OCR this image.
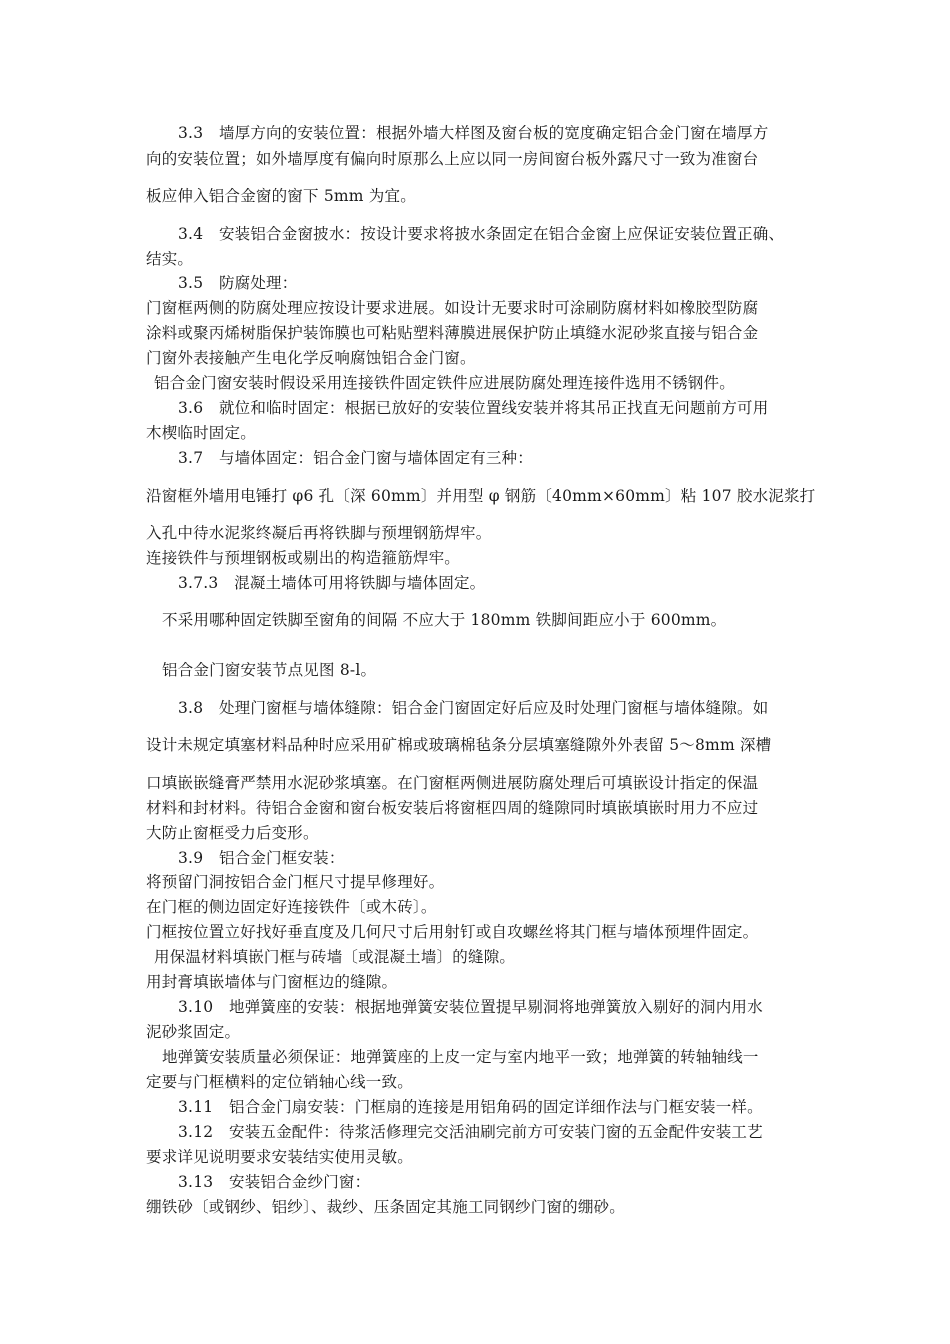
3.3　墙厚方向的安装位置：根据外墙大样图及窗台板的宽度确定铝合金门窗在墙厚方
向的安装位置；如外墙厚度有偏向时原那么上应以同一房间窗台板外露尺寸一致为准窗台
板应伸入铝合金窗的窗下 5mm 为宜。
3.4　安装铝合金窗披水：按设计要求将披水条固定在铝合金窗上应保证安装位置正确、
结实。
3.5　防腐处理：
门窗框两侧的防腐处理应按设计要求进展。如设计无要求时可涂刷防腐材料如橡胶型防腐
涂料或聚丙烯树脂保护装饰膜也可粘贴塑料薄膜进展保护防止填缝水泥砂浆直接与铝合金
门窗外表接触产生电化学反响腐蚀铝合金门窗。
铝合金门窗安装时假设采用连接铁件固定铁件应进展防腐处理连接件选用不锈钢件。
3.6　就位和临时固定：根据已放好的安装位置线安装并将其吊正找直无问题前方可用
木楔临时固定。
3.7　与墙体固定：铝合金门窗与墙体固定有三种：
沿窗框外墙用电锤打 φ6 孔〔深 60mm〕并用型 φ 钢筋〔40mm×60mm〕粘 107 胶水泥浆打
入孔中待水泥浆终凝后再将铁脚与预埋钢筋焊牢。
连接铁件与预埋钢板或剔出的构造箍筋焊牢。
3.7.3　混凝土墙体可用将铁脚与墙体固定。
不采用哪种固定铁脚至窗角的间隔 不应大于 180mm 铁脚间距应小于 600mm。
铝合金门窗安装节点见图 8-l。
3.8　处理门窗框与墙体缝隙：铝合金门窗固定好后应及时处理门窗框与墙体缝隙。如
设计未规定填塞材料品种时应采用矿棉或玻璃棉毡条分层填塞缝隙外外表留 5～8mm 深槽
口填嵌嵌缝膏严禁用水泥砂浆填塞。在门窗框两侧进展防腐处理后可填嵌设计指定的保温
材料和封材料。待铝合金窗和窗台板安装后将窗框四周的缝隙同时填嵌填嵌时用力不应过
大防止窗框受力后变形。
3.9　铝合金门框安装：
将预留门洞按铝合金门框尺寸提早修理好。
在门框的侧边固定好连接铁件〔或木砖〕。
门框按位置立好找好垂直度及几何尺寸后用射钉或自攻螺丝将其门框与墙体预埋件固定。
用保温材料填嵌门框与砖墙〔或混凝土墙〕的缝隙。
用封膏填嵌墙体与门窗框边的缝隙。
3.10　地弹簧座的安装：根据地弹簧安装位置提早剔洞将地弹簧放入剔好的洞内用水
泥砂浆固定。
地弹簧安装质量必须保证：地弹簧座的上皮一定与室内地平一致；地弹簧的转轴轴线一
定要与门框横料的定位销轴心线一致。
3.11　铝合金门扇安装：门框扇的连接是用铝角码的固定详细作法与门框安装一样。
3.12　安装五金配件：待浆活修理完交活油刷完前方可安装门窗的五金配件安装工艺
要求详见说明要求安装结实使用灵敏。
3.13　安装铝合金纱门窗：
绷铁砂〔或钢纱、铝纱〕、裁纱、压条固定其施工同钢纱门窗的绷砂。
